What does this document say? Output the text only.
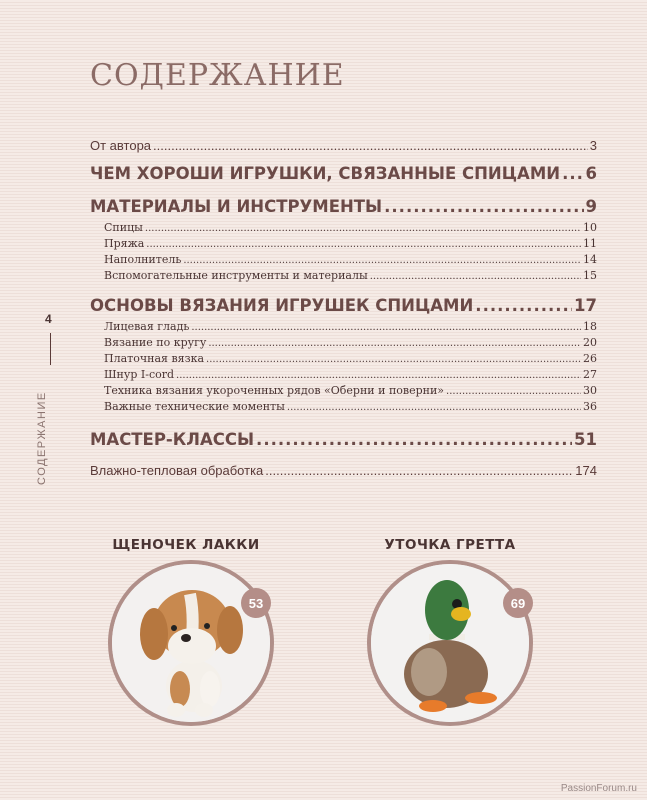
СОДЕРЖАНИЕ
4
СОДЕРЖАНИЕ
От автора .....	3
ЧЕМ ХОРОШИ ИГРУШКИ, СВЯЗАННЫЕ СПИЦАМИ ..... 6
МАТЕРИАЛЫ И ИНСТРУМЕНТЫ .....	9
Спицы .....	10
Пряжа .....	11
Наполнитель .....	14
Вспомогательные инструменты и материалы .....	15
ОСНОВЫ ВЯЗАНИЯ ИГРУШЕК СПИЦАМИ .....	17
Лицевая гладь .....	18
Вязание по кругу .....	20
Платочная вязка .....	26
Шнур I-cord .....	27
Техника вязания укороченных рядов «Оберни и поверни» .....	30
Важные технические моменты .....	36
МАСТЕР-КЛАССЫ .....	51
Влажно-тепловая обработка .....	174
ЩЕНОЧЕК ЛАККИ
53
УТОЧКА ГРЕТТА
69
PassionForum.ru
